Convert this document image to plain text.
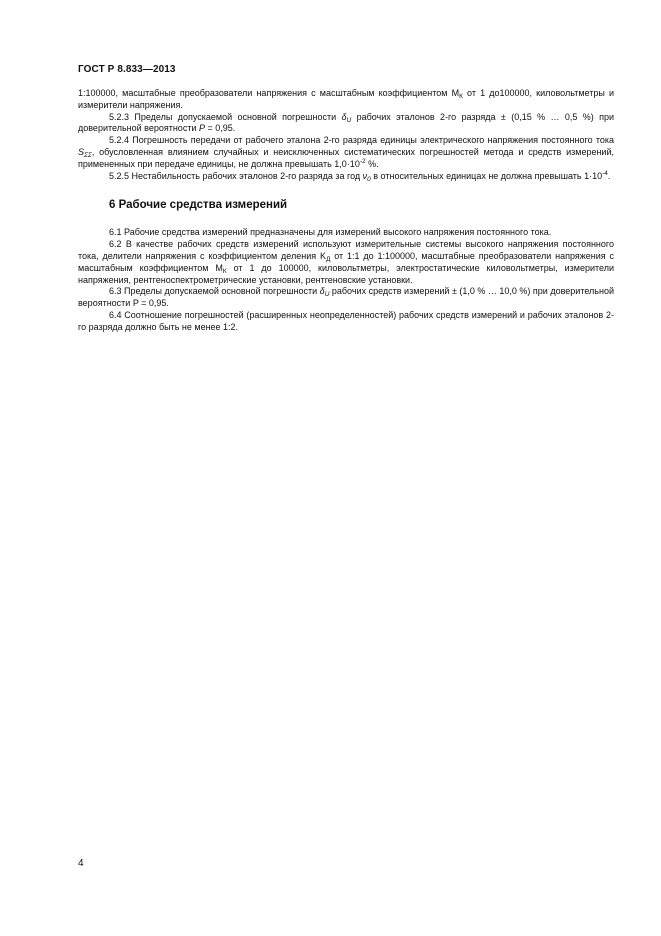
ГОСТ Р 8.833—2013

1:100000, масштабные преобразователи напряжения с масштабным коэффициентом $M_К$ от 1 до100000, киловольтметры и измерители напряжения.

5.2.3 Пределы допускаемой основной погрешности $\delta_U$ рабочих эталонов 2-го разряда ± (0,15 % … 0,5 %) при доверительной вероятности P = 0,95.

5.2.4 Погрешность передачи от рабочего эталона 2-го разряда единицы электрического напряжения постоянного тока $S_{\Sigma\Sigma}$, обусловленная влиянием случайных и неисключенных систематических погрешностей метода и средств измерений, примененных при передаче единицы, не должна превышать $1,0\cdot 10^{-2}$ %.

5.2.5 Нестабильность рабочих эталонов 2-го разряда за год $\nu_0$ в относительных единицах не должна превышать $1\cdot 10^{-4}$.

6 Рабочие средства измерений

6.1 Рабочие средства измерений предназначены для измерений высокого напряжения постоянного тока.

6.2 В качестве рабочих средств измерений используют измерительные системы высокого напряжения постоянного тока, делители напряжения с коэффициентом деления $K_Д$ от 1:1 до 1:100000, масштабные преобразователи напряжения с масштабным коэффициентом $M_К$ от 1 до 100000, киловольтметры, электростатические киловольтметры, измерители напряжения, рентгеноспектрометрические установки, рентгеновские установки.

6.3 Пределы допускаемой основной погрешности $\delta_U$ рабочих средств измерений ± (1,0 % … 10,0 %) при доверительной вероятности P = 0,95.

6.4 Соотношение погрешностей (расширенных неопределенностей) рабочих средств измерений и рабочих эталонов 2-го разряда должно быть не менее 1:2.

4
